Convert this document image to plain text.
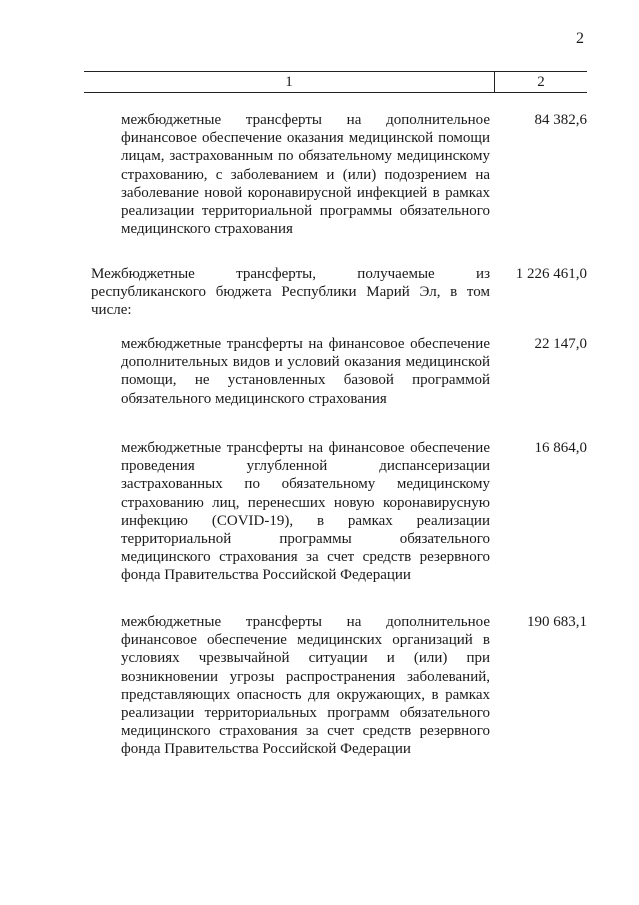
2
1	2
межбюджетные трансферты на дополнительное финансовое обеспечение оказания медицинской помощи лицам, застрахованным по обязательному медицинскому страхованию, с заболеванием и (или) подозрением на заболевание новой коронавирусной инфекцией в рамках реализации территориальной программы обязательного медицинского страхования
84 382,6
Межбюджетные трансферты, получаемые из республиканского бюджета Республики Марий Эл, в том числе:
1 226 461,0
межбюджетные трансферты на финансовое обеспечение дополнительных видов и условий оказания медицинской помощи, не установленных базовой программой обязательного медицинского страхования
22 147,0
межбюджетные трансферты на финансовое обеспечение проведения углубленной диспансеризации застрахованных по обязательному медицинскому страхованию лиц, перенесших новую коронавирусную инфекцию (COVID-19), в рамках реализации территориальной программы обязательного медицинского страхования за счет средств резервного фонда Правительства Российской Федерации
16 864,0
межбюджетные трансферты на дополнительное финансовое обеспечение медицинских организаций в условиях чрезвычайной ситуации и (или) при возникновении угрозы распространения заболеваний, представляющих опасность для окружающих, в рамках реализации территориальных программ обязательного медицинского страхования за счет средств резервного фонда Правительства Российской Федерации
190 683,1
